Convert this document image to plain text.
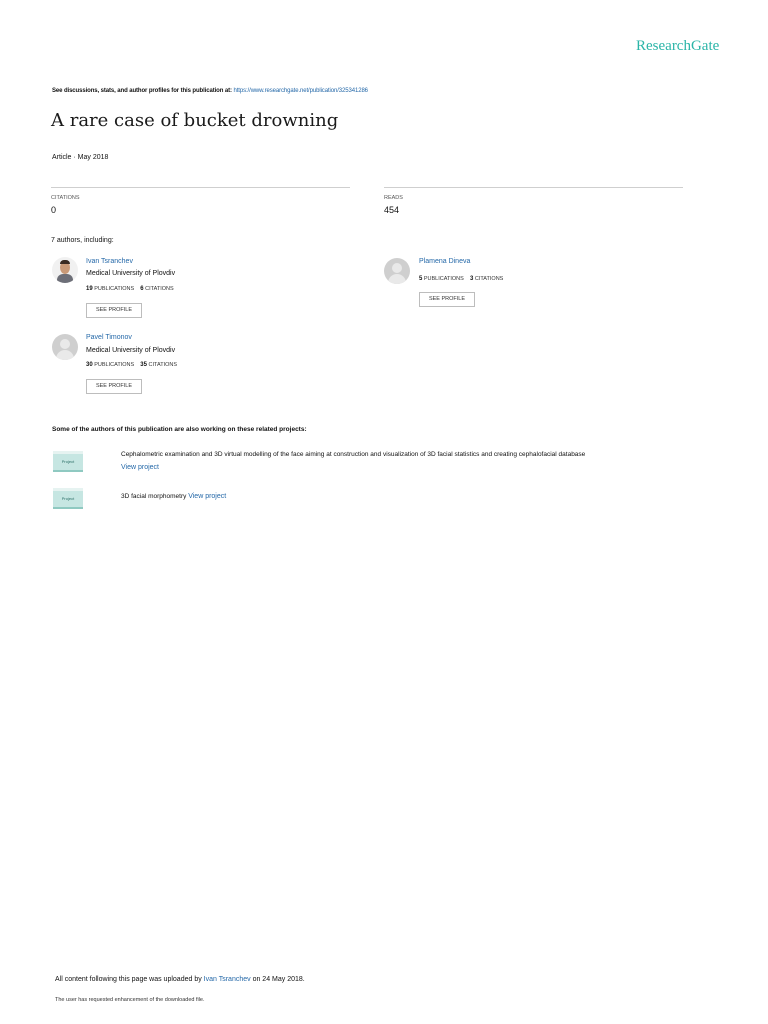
ResearchGate
See discussions, stats, and author profiles for this publication at: https://www.researchgate.net/publication/325341286
A rare case of bucket drowning
Article · May 2018
CITATIONS
0
READS
454
7 authors, including:
Ivan Tsranchev
Medical University of Plovdiv
19 PUBLICATIONS 6 CITATIONS
SEE PROFILE
Plamena Dineva
5 PUBLICATIONS 3 CITATIONS
SEE PROFILE
Pavel Timonov
Medical University of Plovdiv
30 PUBLICATIONS 35 CITATIONS
SEE PROFILE
Some of the authors of this publication are also working on these related projects:
Project
Cephalometric examination and 3D virtual modelling of the face aiming at construction and visualization of 3D facial statistics and creating cephalofacial database
View project
Project	3D facial morphometry View project
All content following this page was uploaded by Ivan Tsranchev on 24 May 2018.
The user has requested enhancement of the downloaded file.
